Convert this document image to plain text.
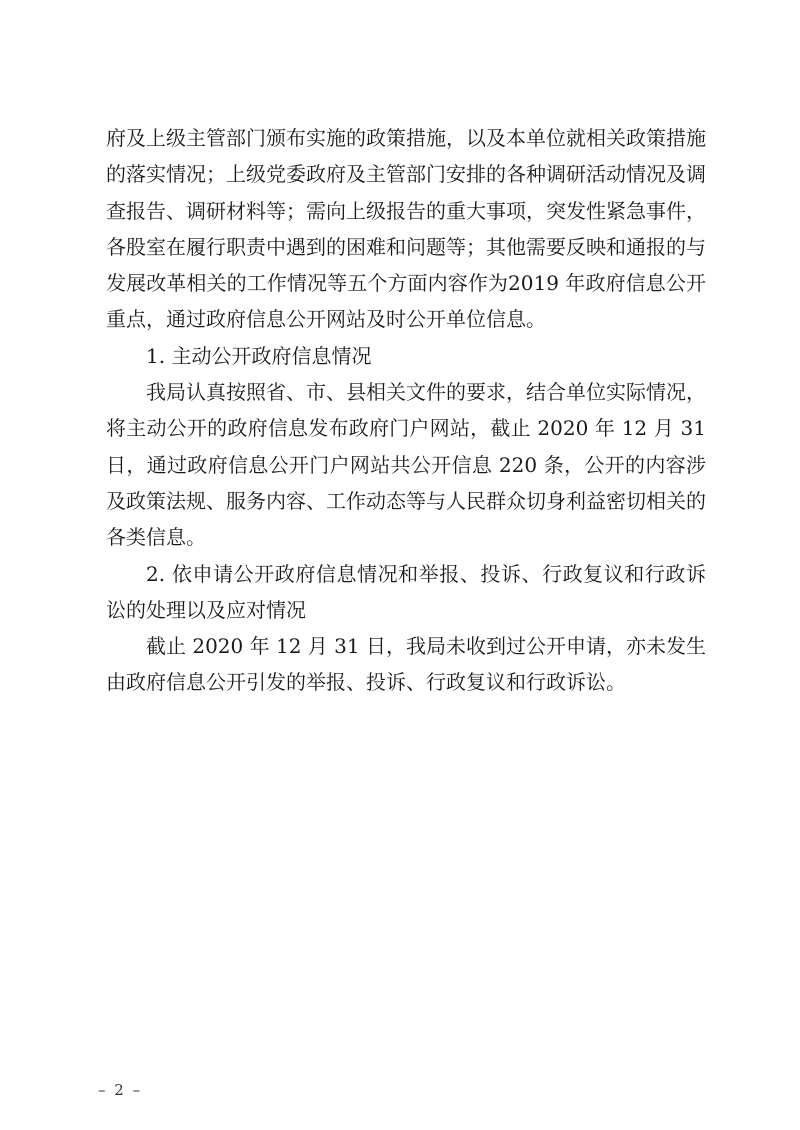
府及上级主管部门颁布实施的政策措施，以及本单位就相关政策措施的落实情况；上级党委政府及主管部门安排的各种调研活动情况及调查报告、调研材料等；需向上级报告的重大事项，突发性紧急事件，各股室在履行职责中遇到的困难和问题等；其他需要反映和通报的与发展改革相关的工作情况等五个方面内容作为2019 年政府信息公开重点，通过政府信息公开网站及时公开单位信息。

1. 主动公开政府信息情况

我局认真按照省、市、县相关文件的要求，结合单位实际情况，将主动公开的政府信息发布政府门户网站，截止 2020 年 12 月 31 日，通过政府信息公开门户网站共公开信息 220 条，公开的内容涉及政策法规、服务内容、工作动态等与人民群众切身利益密切相关的各类信息。

2. 依申请公开政府信息情况和举报、投诉、行政复议和行政诉讼的处理以及应对情况

截止 2020 年 12 月 31 日，我局未收到过公开申请，亦未发生由政府信息公开引发的举报、投诉、行政复议和行政诉讼。

– 2 –
